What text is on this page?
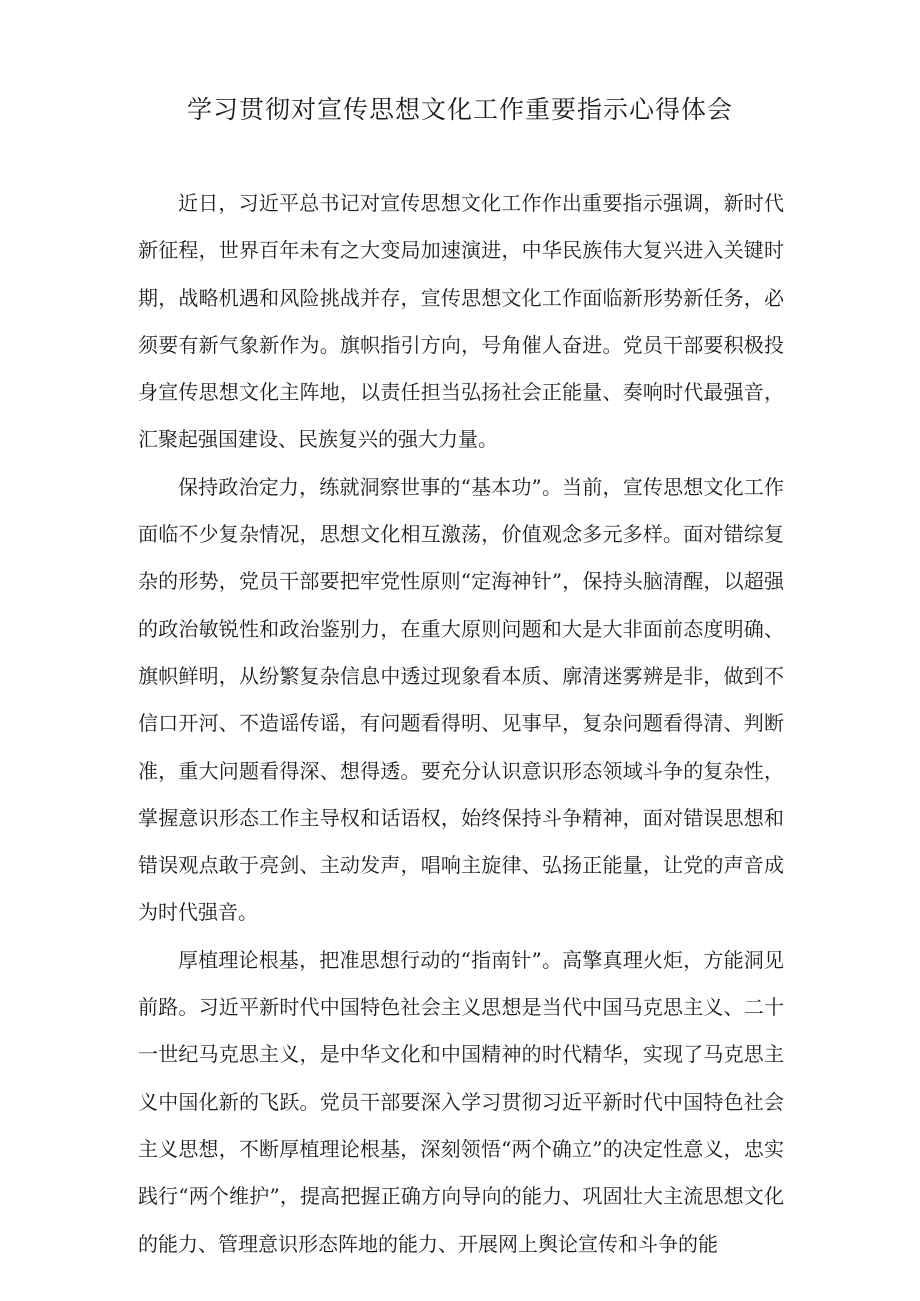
学习贯彻对宣传思想文化工作重要指示心得体会

近日，习近平总书记对宣传思想文化工作作出重要指示强调，新时代新征程，世界百年未有之大变局加速演进，中华民族伟大复兴进入关键时期，战略机遇和风险挑战并存，宣传思想文化工作面临新形势新任务，必须要有新气象新作为。旗帜指引方向，号角催人奋进。党员干部要积极投身宣传思想文化主阵地，以责任担当弘扬社会正能量、奏响时代最强音，汇聚起强国建设、民族复兴的强大力量。

保持政治定力，练就洞察世事的“基本功”。当前，宣传思想文化工作面临不少复杂情况，思想文化相互激荡，价值观念多元多样。面对错综复杂的形势，党员干部要把牢党性原则“定海神针”，保持头脑清醒，以超强的政治敏锐性和政治鉴别力，在重大原则问题和大是大非面前态度明确、旗帜鲜明，从纷繁复杂信息中透过现象看本质、廓清迷雾辨是非，做到不信口开河、不造谣传谣，有问题看得明、见事早，复杂问题看得清、判断准，重大问题看得深、想得透。要充分认识意识形态领域斗争的复杂性，掌握意识形态工作主导权和话语权，始终保持斗争精神，面对错误思想和错误观点敢于亮剑、主动发声，唱响主旋律、弘扬正能量，让党的声音成为时代强音。

厚植理论根基，把准思想行动的“指南针”。高擎真理火炬，方能洞见前路。习近平新时代中国特色社会主义思想是当代中国马克思主义、二十一世纪马克思主义，是中华文化和中国精神的时代精华，实现了马克思主义中国化新的飞跃。党员干部要深入学习贯彻习近平新时代中国特色社会主义思想，不断厚植理论根基，深刻领悟“两个确立”的决定性意义，忠实践行“两个维护”，提高把握正确方向导向的能力、巩固壮大主流思想文化的能力、管理意识形态阵地的能力、开展网上舆论宣传和斗争的能
